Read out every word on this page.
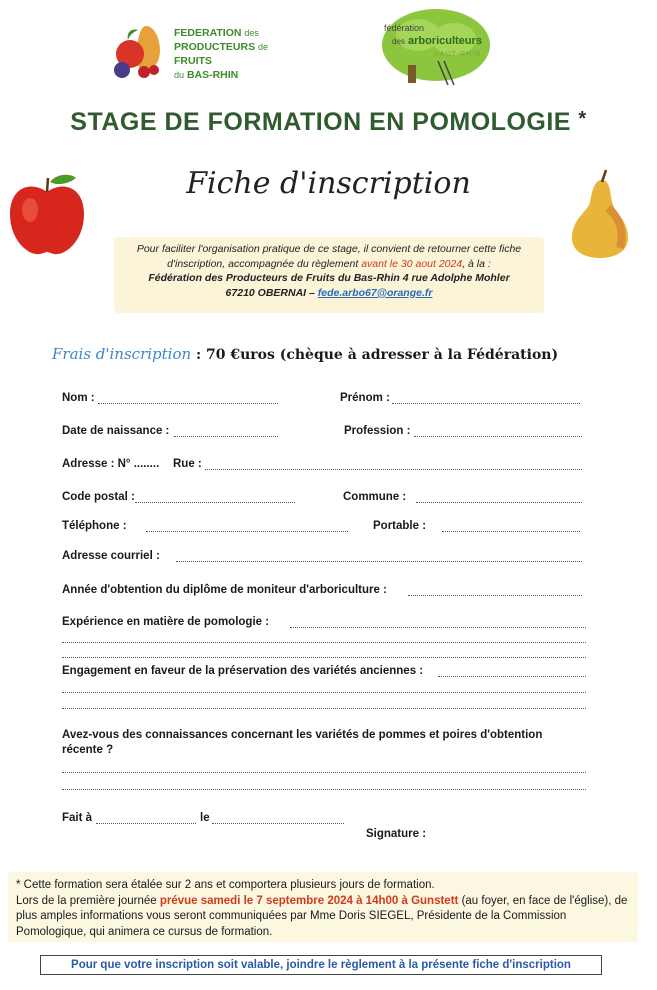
FEDERATION des
PRODUCTEURS de FRUITS
du BAS-RHIN
fédération
des arboriculteurs
HAUT-RHIN
STAGE DE FORMATION EN POMOLOGIE *
Fiche d'inscription
Pour faciliter l'organisation pratique de ce stage, il convient de retourner cette fiche d'inscription, accompagnée du règlement avant le 30 aout 2024, à la :
Fédération des Producteurs de Fruits du Bas-Rhin 4 rue Adolphe Mohler
67210 OBERNAI – fede.arbo67@orange.fr
Frais d'inscription : 70 €uros (chèque à adresser à la Fédération)
Nom :	Prénom :
Date de naissance :	Profession :
Adresse : N° ........ Rue :
Code postal :	Commune :
Téléphone :	Portable :
Adresse courriel :
Année d'obtention du diplôme de moniteur d'arboriculture :
Expérience en matière de pomologie :
Engagement en faveur de la préservation des variétés anciennes :
Avez-vous des connaissances concernant les variétés de pommes et poires d'obtention récente ?
Fait à	le
Signature :
* Cette formation sera étalée sur 2 ans et comportera plusieurs jours de formation.
Lors de la première journée prévue samedi le 7 septembre 2024 à 14h00 à Gunstett (au foyer, en face de l'église), de plus amples informations vous seront communiquées par Mme Doris SIEGEL, Présidente de la Commission Pomologique, qui animera ce cursus de formation.
Pour que votre inscription soit valable, joindre le règlement à la présente fiche d'inscription
